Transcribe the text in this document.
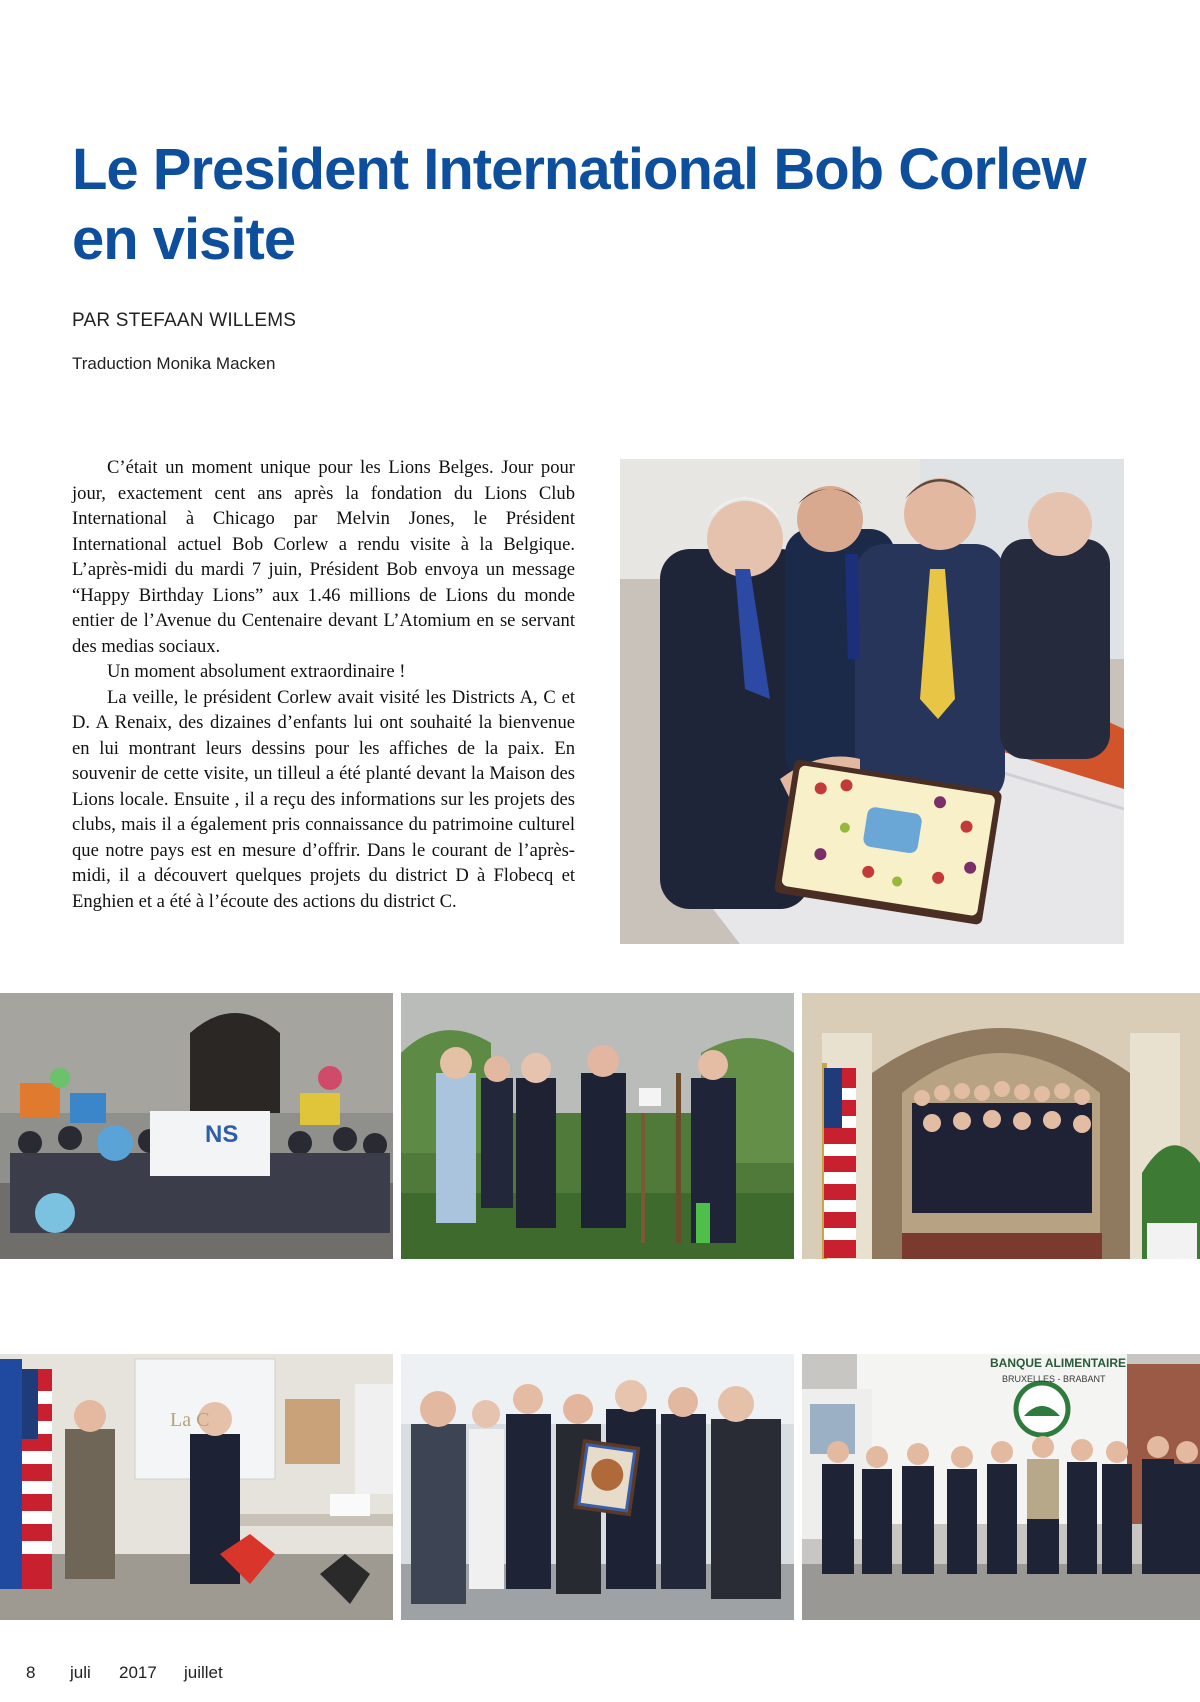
Le President International Bob Corlew
en visite

PAR STEFAAN WILLEMS

Traduction Monika Macken

C’était un moment unique pour les Lions Belges. Jour pour jour, exactement cent ans après la fondation du Lions Club International à Chicago par Melvin Jones, le Président International actuel Bob Corlew a rendu visite à la Belgique. L’après-midi du mardi 7 juin, Président Bob envoya un message “Happy Birthday Lions” aux 1.46 millions de Lions du monde entier de l’Avenue du Centenaire devant L’Atomium en se servant des medias sociaux.

Un moment absolument extraordinaire !

La veille, le président Corlew avait visité les Districts A, C et D. A Renaix, des dizaines d’enfants lui ont souhaité la bienvenue en lui montrant leurs dessins pour les affiches de la paix. En souvenir de cette visite, un tilleul a été planté devant la Maison des Lions locale. Ensuite , il a reçu des informations sur les projets des clubs, mais il a également pris connaissance du patrimoine culturel que notre pays est en mesure d’offrir. Dans le courant de l’après-midi, il a découvert quelques projets du district D à Flobecq et Enghien et a été à l’écoute des actions du district C.

NS
La C
BANQUE ALIMENTAIRE
BRUXELLES - BRABANT
8 juli 2017 juillet
